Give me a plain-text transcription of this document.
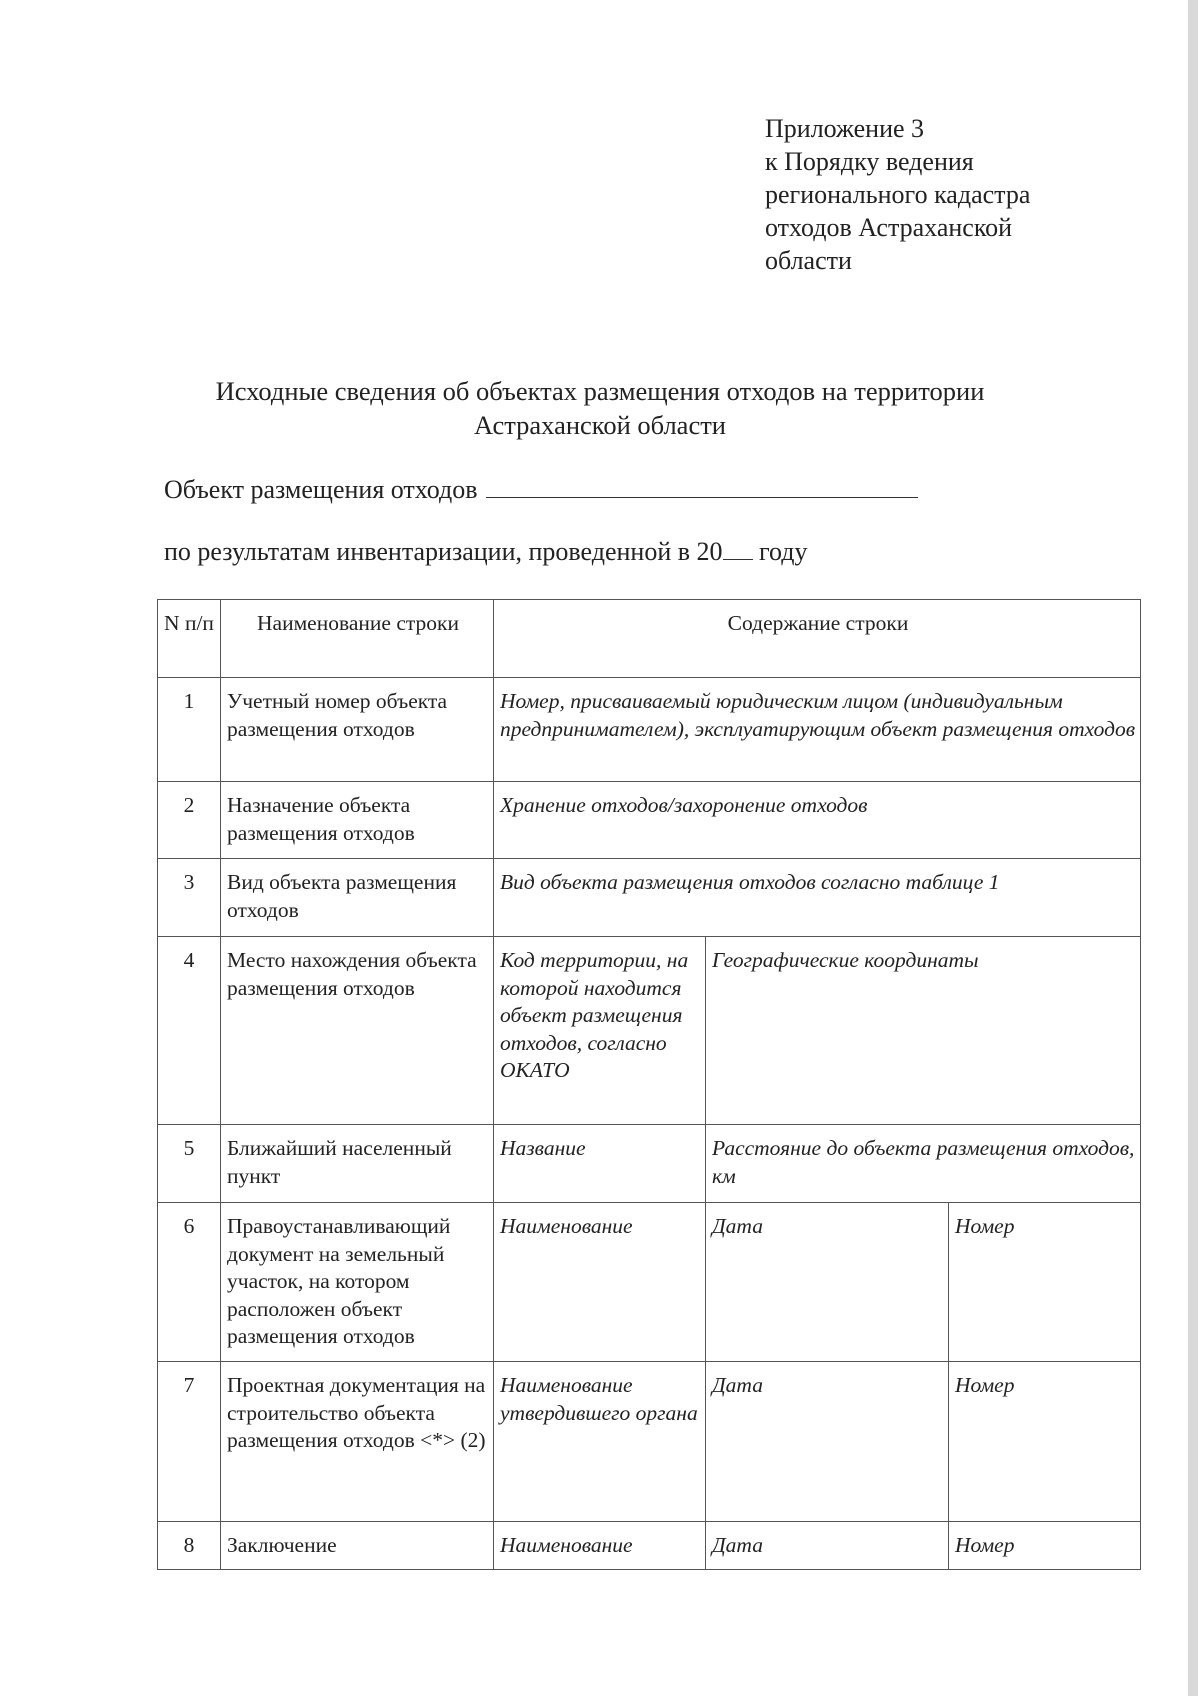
Приложение 3
к Порядку ведения
регионального кадастра
отходов Астраханской
области
Исходные сведения об объектах размещения отходов на территории
Астраханской области
Объект размещения отходов
по результатам инвентаризации, проведенной в 20 году
N п/п	Наименование строки	Содержание строки		
1	Учетный номер объекта размещения отходов	Номер, присваиваемый юридическим лицом (индивидуальным предпринимателем), эксплуатирующим объект размещения отходов		
2	Назначение объекта размещения отходов	Хранение отходов/захоронение отходов		
3	Вид объекта размещения отходов	Вид объекта размещения отходов согласно таблице 1		
4	Место нахождения объекта размещения отходов	Код территории, на которой находится объект размещения отходов, согласно ОКАТО	Географические координаты	
5	Ближайший населенный пункт	Название	Расстояние до объекта размещения отходов, км	
6	Правоустанавливающий документ на земельный участок, на котором расположен объект размещения отходов	Наименование	Дата	Номер
7	Проектная документация на строительство объекта размещения отходов <*> (2)	Наименование утвердившего органа	Дата	Номер
8	Заключение	Наименование	Дата	Номер
